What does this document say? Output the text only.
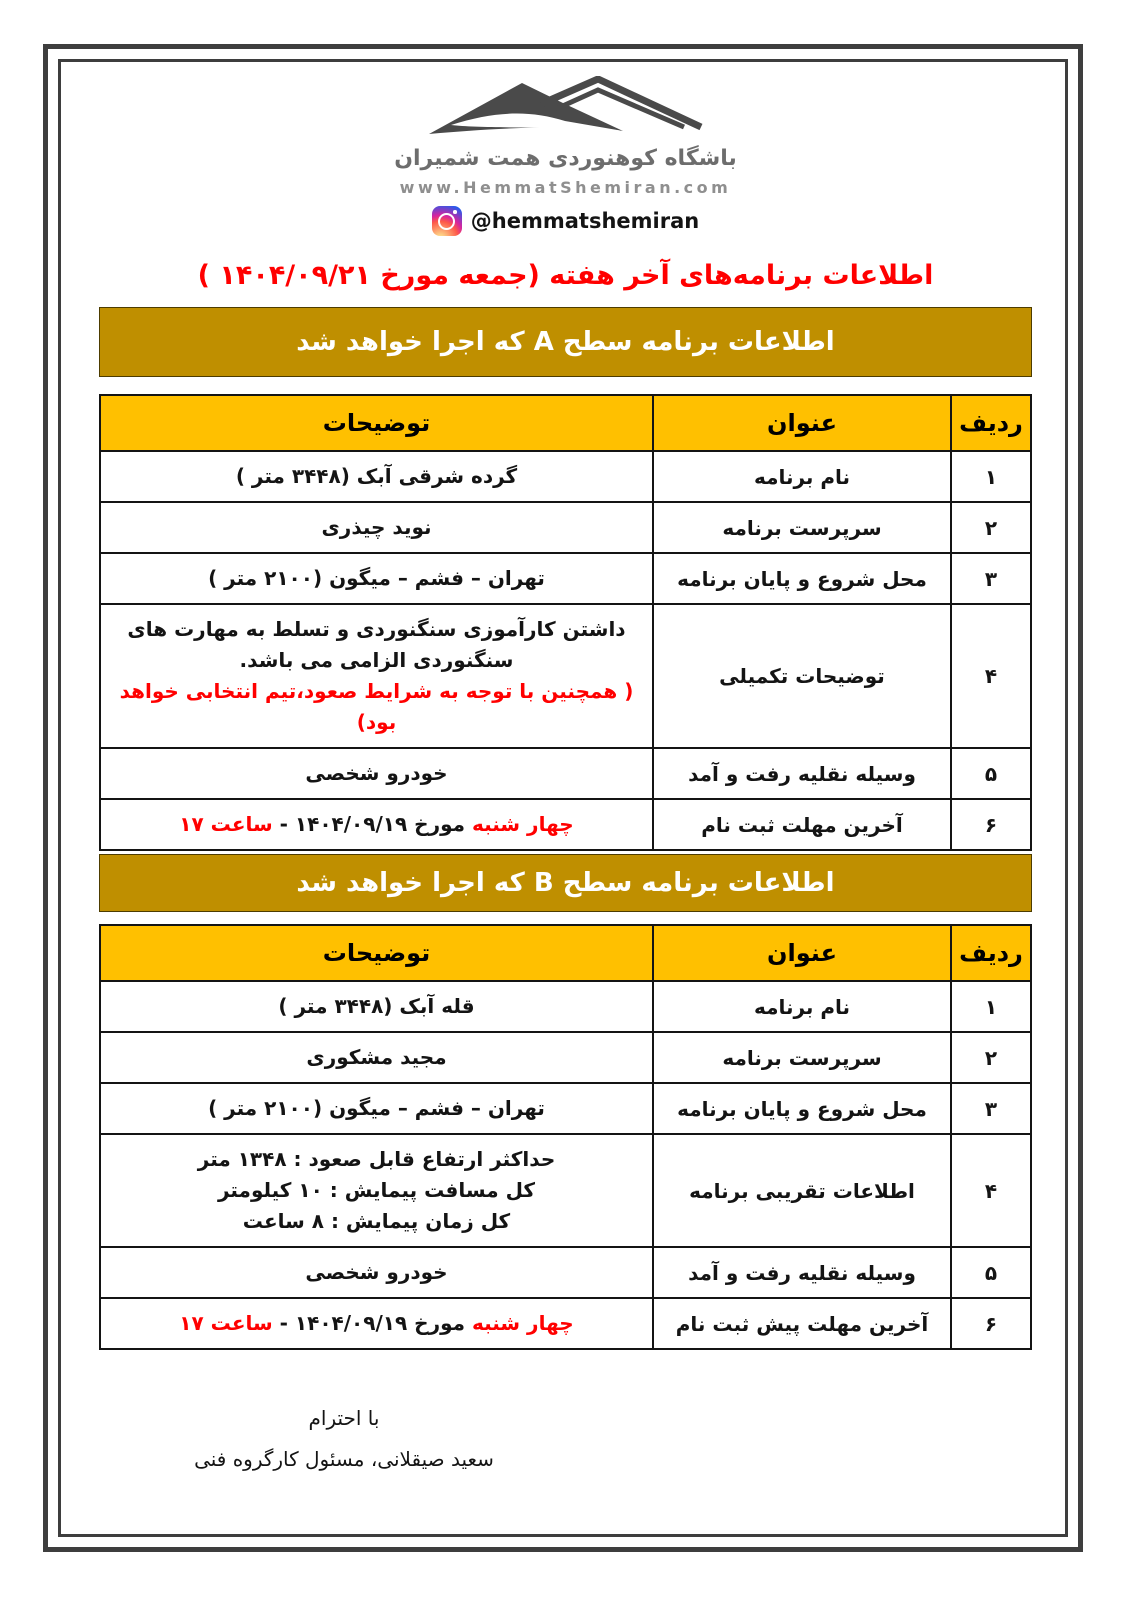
باشگاه کوهنوردی همت شمیران
www.HemmatShemiran.com
@hemmatshemiran
اطلاعات برنامه‌های آخر هفته (جمعه مورخ ۱۴۰۴/۰۹/۲۱ )
اطلاعات برنامه سطح A که اجرا خواهد شد
ردیف	عنوان	توضیحات
۱	نام برنامه	گرده شرقی آبک (۳۴۴۸ متر )

۲	سرپرست برنامه	نوید چیذری

۳	محل شروع و پایان برنامه	تهران – فشم – میگون (۲۱۰۰ متر )

۴	توضیحات تکمیلی	داشتن کارآموزی سنگنوردی و تسلط به مهارت های
سنگنوردی الزامی می باشد.
( همچنین با توجه به شرایط صعود،تیم انتخابی خواهد بود)

۵	وسیله نقلیه رفت و آمد	خودرو شخصی

۶	آخرین مهلت ثبت نام	چهار شنبه مورخ ۱۴۰۴/۰۹/۱۹ - ساعت ۱۷
اطلاعات برنامه سطح B که اجرا خواهد شد
ردیف	عنوان	توضیحات
۱	نام برنامه	قله آبک (۳۴۴۸ متر )

۲	سرپرست برنامه	مجید مشکوری

۳	محل شروع و پایان برنامه	تهران – فشم – میگون (۲۱۰۰ متر )

۴	اطلاعات تقریبی برنامه	حداکثر ارتفاع قابل صعود : ۱۳۴۸ متر
کل مسافت پیمایش : ۱۰ کیلومتر
کل زمان پیمایش : ۸ ساعت

۵	وسیله نقلیه رفت و آمد	خودرو شخصی

۶	آخرین مهلت پیش ثبت نام	چهار شنبه مورخ ۱۴۰۴/۰۹/۱۹ - ساعت ۱۷
با احترام
سعید صیقلانی، مسئول کارگروه فنی
